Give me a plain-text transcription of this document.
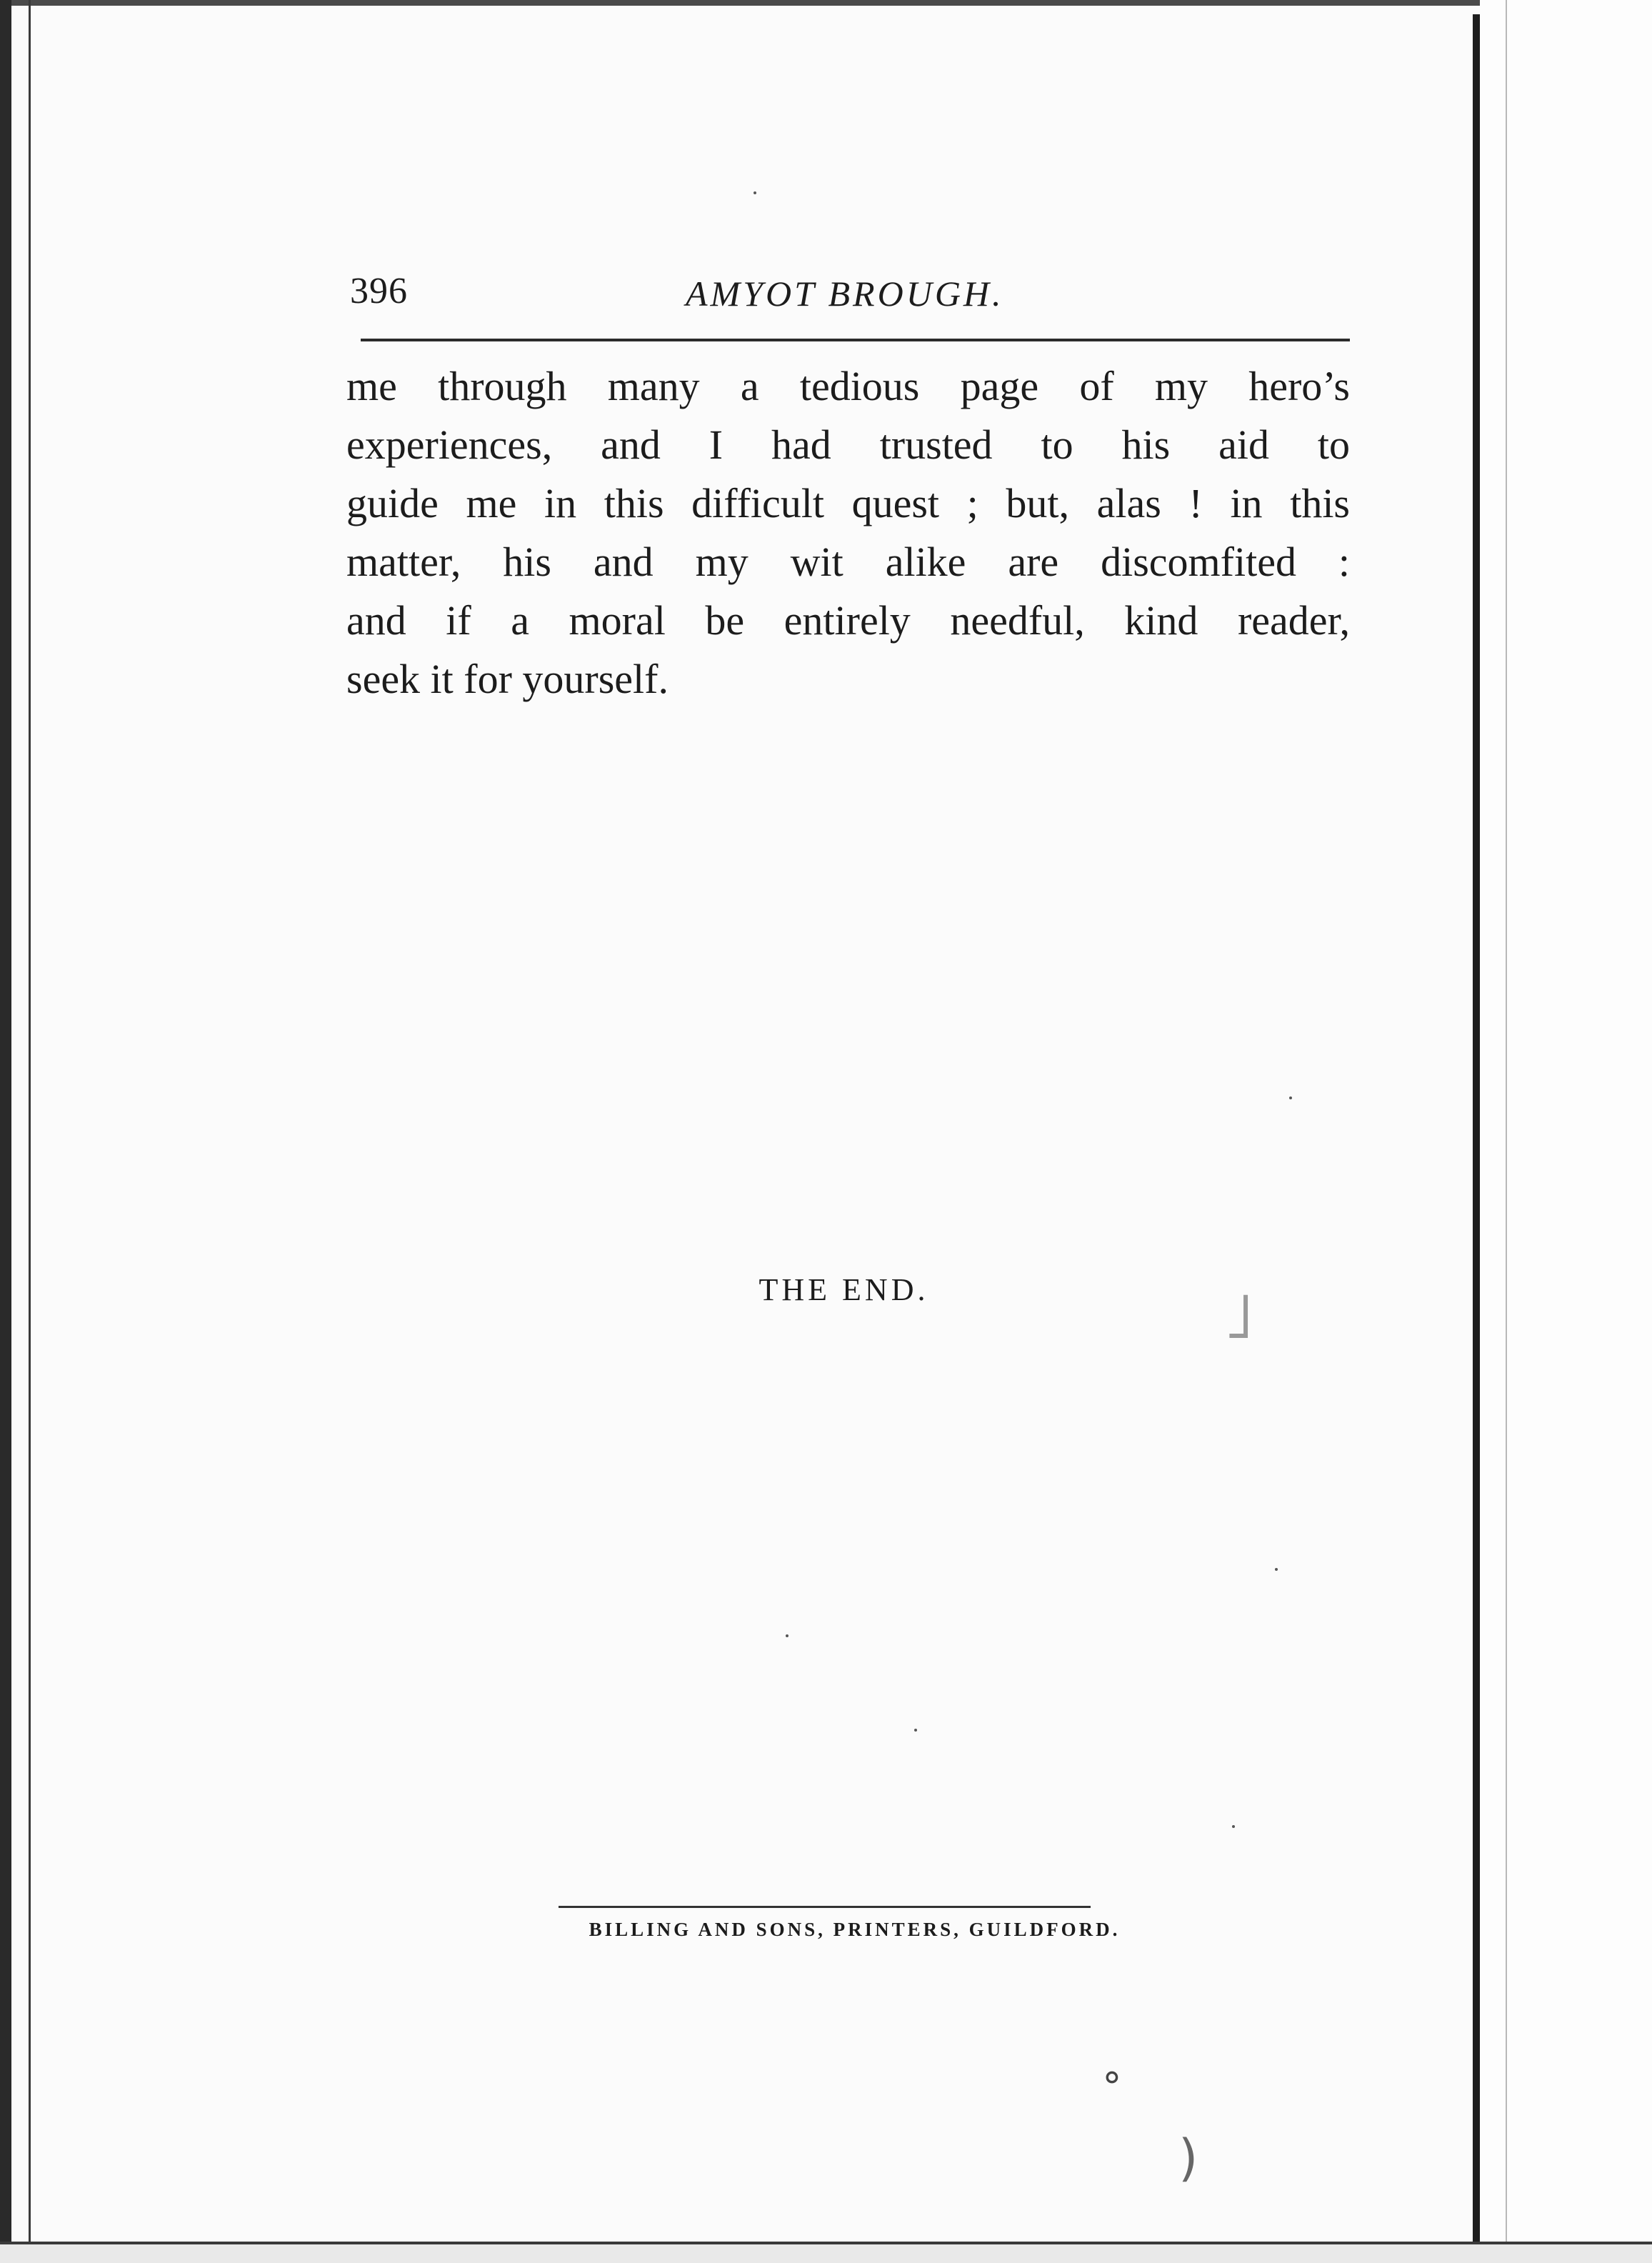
396	AMYOT BROUGH.
me through many a tedious page of my hero’s
experiences, and I had trusted to his aid to
guide me in this difficult quest ; but, alas ! in this
matter, his and my wit alike are discomfited :
and if a moral be entirely needful, kind reader,
seek it for yourself.
THE END.
BILLING AND SONS, PRINTERS, GUILDFORD.
∘
)
˩
